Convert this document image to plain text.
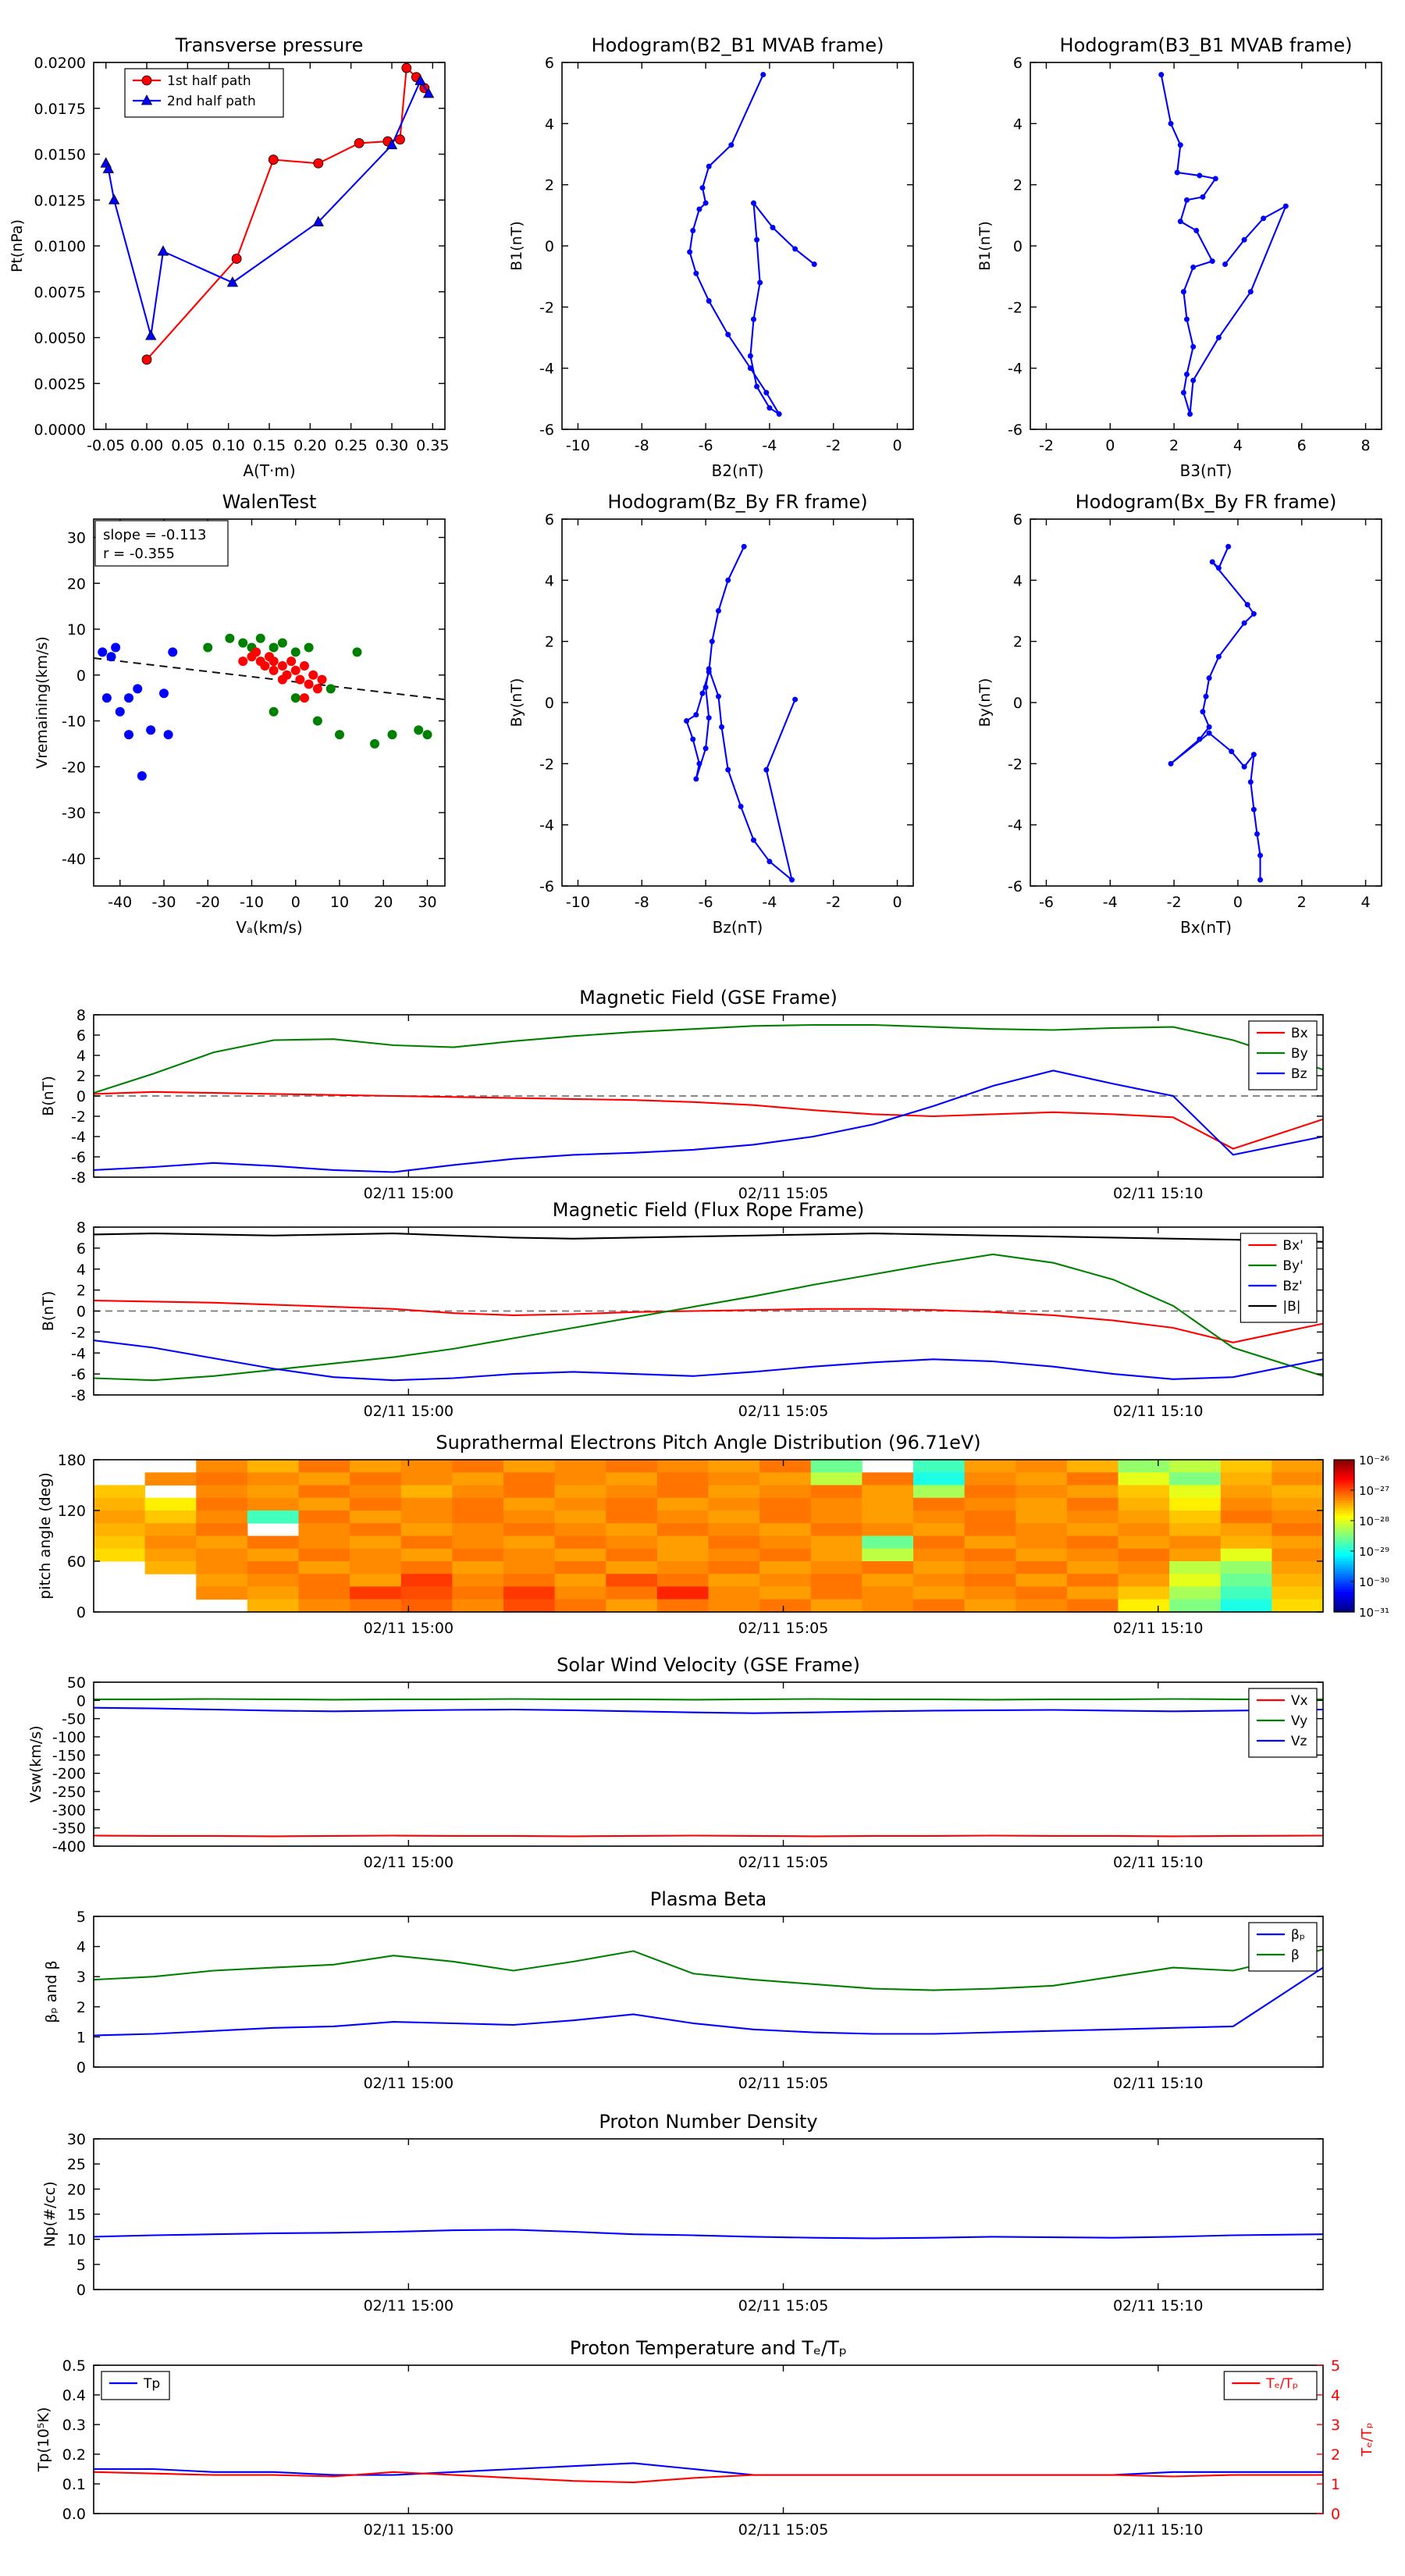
-0.05 0.00 0.05 0.10 0.15 0.20 0.25 0.30 0.35
0.0000
0.0025
0.0050
0.0075
0.0100
0.0125
0.0150
0.0175
0.0200
Transverse pressure
A(T·m)
Pt(nPa)
1st half path
2nd half path
-10	-8	-6	-4	-2	0
-6
-4
-2
0
2
4
6
Hodogram(B2_B1 MVAB frame)
B2(nT)
B1(nT)
-2	0	2	4	6	8
-6
-4
-2
0
2
4
6
Hodogram(B3_B1 MVAB frame)
B3(nT)
B1(nT)
-40 -30 -20 -10 0 10 20 30
-40
-30
-20
-10
0
10
20
30
WalenTest
Vₐ(km/s)
Vremaining(km/s)
slope = -0.113
r = -0.355
-10	-8	-6	-4	-2	0
-6
-4
-2
0
2
4
6
Hodogram(Bz_By FR frame)
Bz(nT)
By(nT)
-6	-4	-2	0	2	4
-6
-4
-2
0
2
4
6
Hodogram(Bx_By FR frame)
Bx(nT)
By(nT)
02/11 15:00	02/11 15:05	02/11 15:10
-8
-6
-4
-2
0
2
4
6
8
Magnetic Field (GSE Frame)
B(nT)
Bx
By
Bz
02/11 15:00	02/11 15:05	02/11 15:10
-8
-6
-4
-2
0
2
4
6
8
Magnetic Field (Flux Rope Frame)
B(nT)
Bx'
By'
Bz'
|B|
10⁻²⁶
10⁻²⁷
10⁻²⁸
10⁻²⁹
10⁻³⁰
10⁻³¹
02/11 15:00	02/11 15:05	02/11 15:10
0
60
120
180
Suprathermal Electrons Pitch Angle Distribution (96.71eV)
pitch angle (deg)
02/11 15:00	02/11 15:05	02/11 15:10
50
0
-50
-100
-150
-200
-250
-300
-350
-400
Solar Wind Velocity (GSE Frame)
Vsw(km/s)
Vx
Vy
Vz
02/11 15:00	02/11 15:05	02/11 15:10
0
1
2
3
4
5
Plasma Beta
βₚ and β
βₚ
β
02/11 15:00	02/11 15:05	02/11 15:10
0
5
10
15
20
25
30
Proton Number Density
Np(#/cc)
02/11 15:00	02/11 15:05	02/11 15:10
0.0
0.1
0.2
0.3
0.4
0.5
Proton Temperature and Tₑ/Tₚ
Tp(10⁵K)
0
1
2
3
4
5
Tₑ/Tₚ
Tp	Tₑ/Tₚ
